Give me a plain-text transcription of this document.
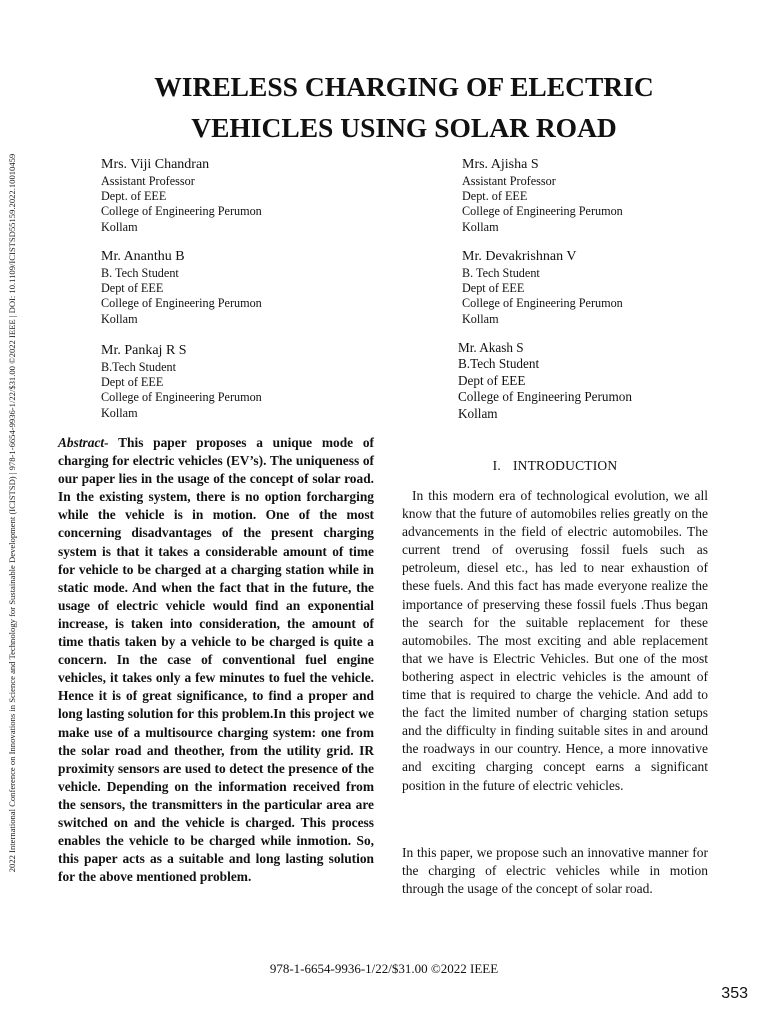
2022 International Conference on Innovations in Science and Technology for Sustainable Development (ICISTSD) | 978-1-6654-9936-1/22/$31.00 ©2022 IEEE | DOI: 10.1109/ICISTSD55159.2022.10010459
WIRELESS CHARGING OF ELECTRIC
VEHICLES USING SOLAR ROAD
Mrs. Viji Chandran
Assistant Professor
Dept. of EEE
College of Engineering Perumon
Kollam
Mrs. Ajisha S
Assistant Professor
Dept. of EEE
College of Engineering Perumon
Kollam
Mr. Ananthu B
B. Tech Student
Dept of EEE
College of Engineering Perumon
Kollam
Mr. Devakrishnan V
B. Tech Student
Dept of EEE
College of Engineering Perumon
Kollam
Mr. Pankaj R S
B.Tech Student
Dept of EEE
College of Engineering Perumon
Kollam
Mr. Akash S
B.Tech Student
Dept of EEE
College of Engineering Perumon
Kollam

Abstract- This paper proposes a unique mode of charging for electric vehicles (EV’s). The uniqueness of our paper lies in the usage of the concept of solar road. In the existing system, there is no option forcharging while the vehicle is in motion. One of the most concerning disadvantages of the present charging system is that it takes a considerable amount of time for vehicle to be charged at a charging station while in static mode. And when the fact that in the future, the usage of electric vehicle would find an exponential increase, is taken into consideration, the amount of time thatis taken by a vehicle to be charged is quite a concern. In the case of conventional fuel engine vehicles, it takes only a few minutes to fuel the vehicle. Hence it is of great significance, to find a proper and long lasting solution for this problem.In this project we make use of a multisource charging system: one from the solar road and theother, from the utility grid. IR proximity sensors are used to detect the presence of the vehicle. Depending on the information received from the sensors, the transmitters in the particular area are switched on and the vehicle is charged. This process enables the vehicle to be charged while inmotion. So, this paper acts as a suitable and long lasting solution for the above mentioned problem.

I. INTRODUCTION

In this modern era of technological evolution, we all know that the future of automobiles relies greatly on the advancements in the field of electric automobiles. The current trend of overusing fossil fuels such as petroleum, diesel etc., has led to near exhaustion of these fuels. And this fact has made everyone realize the importance of preserving these fossil fuels .Thus began the search for the suitable replacement for these automobiles. The most exciting and able replacement that we have is Electric Vehicles. But one of the most bothering aspect in electric vehicles is the amount of time that is required to charge the vehicle. And add to the fact the limited number of charging station setups and the difficulty in finding suitable sites in and around the roadways in our country. Hence, a more innovative and exciting charging concept earns a significant position in the future of electric vehicles.

In this paper, we propose such an innovative manner for the charging of electric vehicles while in motion through the usage of the concept of solar road.

978-1-6654-9936-1/22/$31.00 ©2022 IEEE
353
